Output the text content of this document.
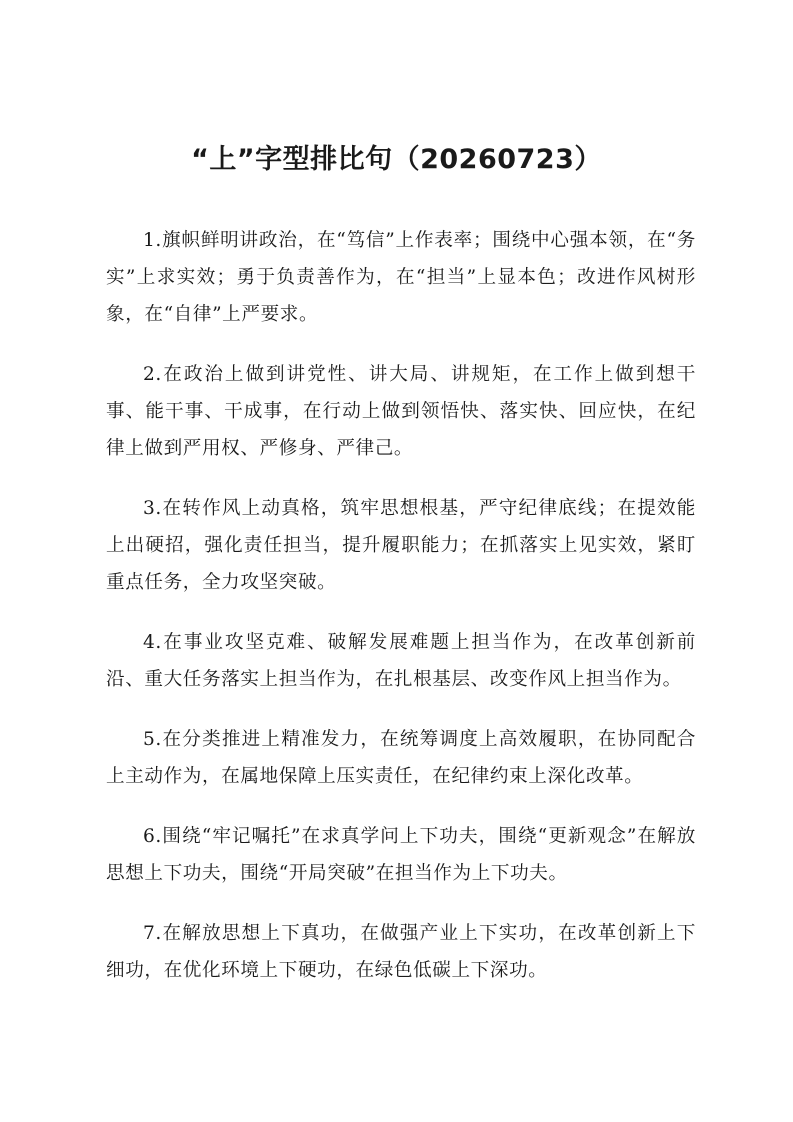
“上”字型排比句（20260723）

1.旗帜鲜明讲政治，在“笃信”上作表率；围绕中心强本领，在“务实”上求实效；勇于负责善作为，在“担当”上显本色；改进作风树形象，在“自律”上严要求。

2.在政治上做到讲党性、讲大局、讲规矩，在工作上做到想干事、能干事、干成事，在行动上做到领悟快、落实快、回应快，在纪律上做到严用权、严修身、严律己。

3.在转作风上动真格，筑牢思想根基，严守纪律底线；在提效能上出硬招，强化责任担当，提升履职能力；在抓落实上见实效，紧盯重点任务，全力攻坚突破。

4.在事业攻坚克难、破解发展难题上担当作为，在改革创新前沿、重大任务落实上担当作为，在扎根基层、改变作风上担当作为。

5.在分类推进上精准发力，在统筹调度上高效履职，在协同配合上主动作为，在属地保障上压实责任，在纪律约束上深化改革。

6.围绕“牢记嘱托”在求真学问上下功夫，围绕“更新观念”在解放思想上下功夫，围绕“开局突破”在担当作为上下功夫。

7.在解放思想上下真功，在做强产业上下实功，在改革创新上下细功，在优化环境上下硬功，在绿色低碳上下深功。
